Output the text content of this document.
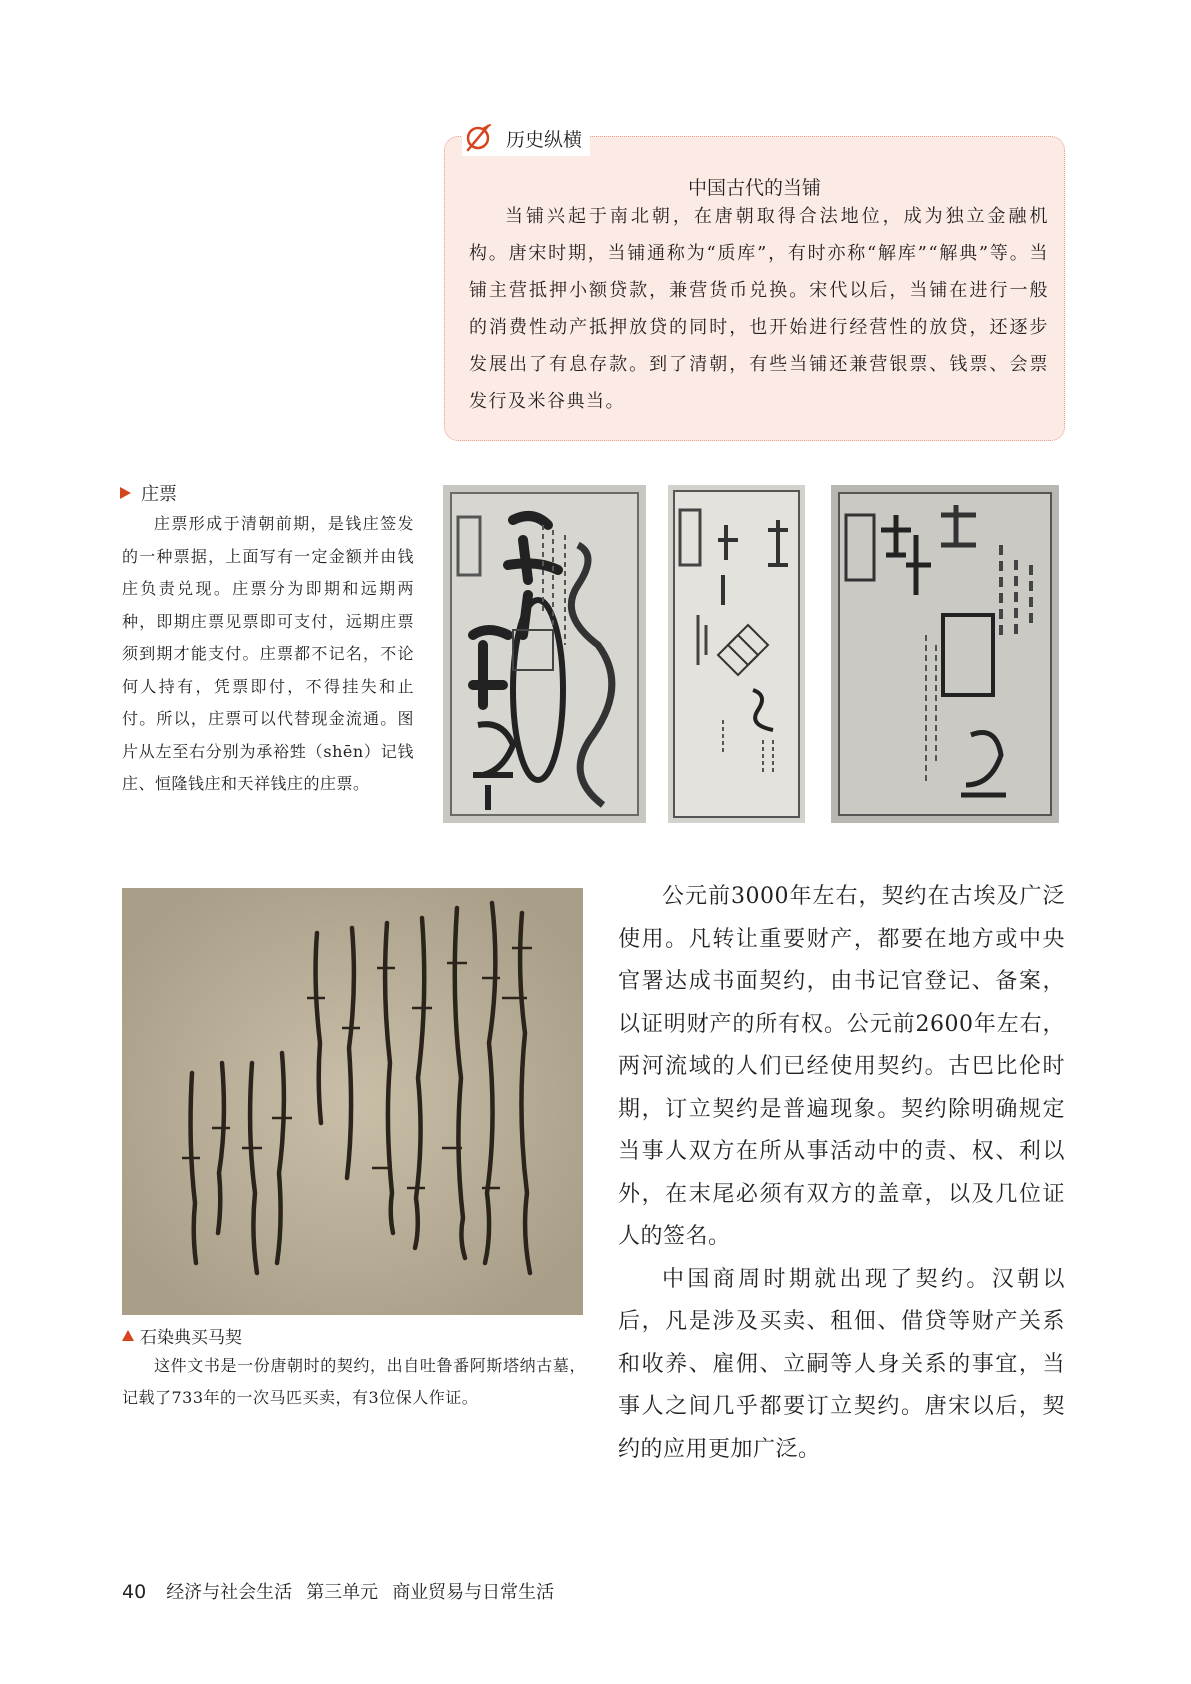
历史纵横
中国古代的当铺
当铺兴起于南北朝，在唐朝取得合法地位，成为独立金融机构。唐宋时期，当铺通称为“质库”，有时亦称“解库”“解典”等。当铺主营抵押小额贷款，兼营货币兑换。宋代以后，当铺在进行一般的消费性动产抵押放贷的同时，也开始进行经营性的放贷，还逐步发展出了有息存款。到了清朝，有些当铺还兼营银票、钱票、会票发行及米谷典当。
庄票
庄票形成于清朝前期，是钱庄签发的一种票据，上面写有一定金额并由钱庄负责兑现。庄票分为即期和远期两种，即期庄票见票即可支付，远期庄票须到期才能支付。庄票都不记名，不论何人持有，凭票即付，不得挂失和止付。所以，庄票可以代替现金流通。图片从左至右分别为承裕甡（shēn）记钱庄、恒隆钱庄和天祥钱庄的庄票。

公元前3000年左右，契约在古埃及广泛使用。凡转让重要财产，都要在地方或中央官署达成书面契约，由书记官登记、备案，以证明财产的所有权。公元前2600年左右，两河流域的人们已经使用契约。古巴比伦时期，订立契约是普遍现象。契约除明确规定当事人双方在所从事活动中的责、权、利以外，在末尾必须有双方的盖章，以及几位证人的签名。

中国商周时期就出现了契约。汉朝以后，凡是涉及买卖、租佃、借贷等财产关系和收养、雇佣、立嗣等人身关系的事宜，当事人之间几乎都要订立契约。唐宋以后，契约的应用更加广泛。

石染典买马契
这件文书是一份唐朝时的契约，出自吐鲁番阿斯塔纳古墓，记载了733年的一次马匹买卖，有3位保人作证。
40 经济与社会生活 第三单元 商业贸易与日常生活
